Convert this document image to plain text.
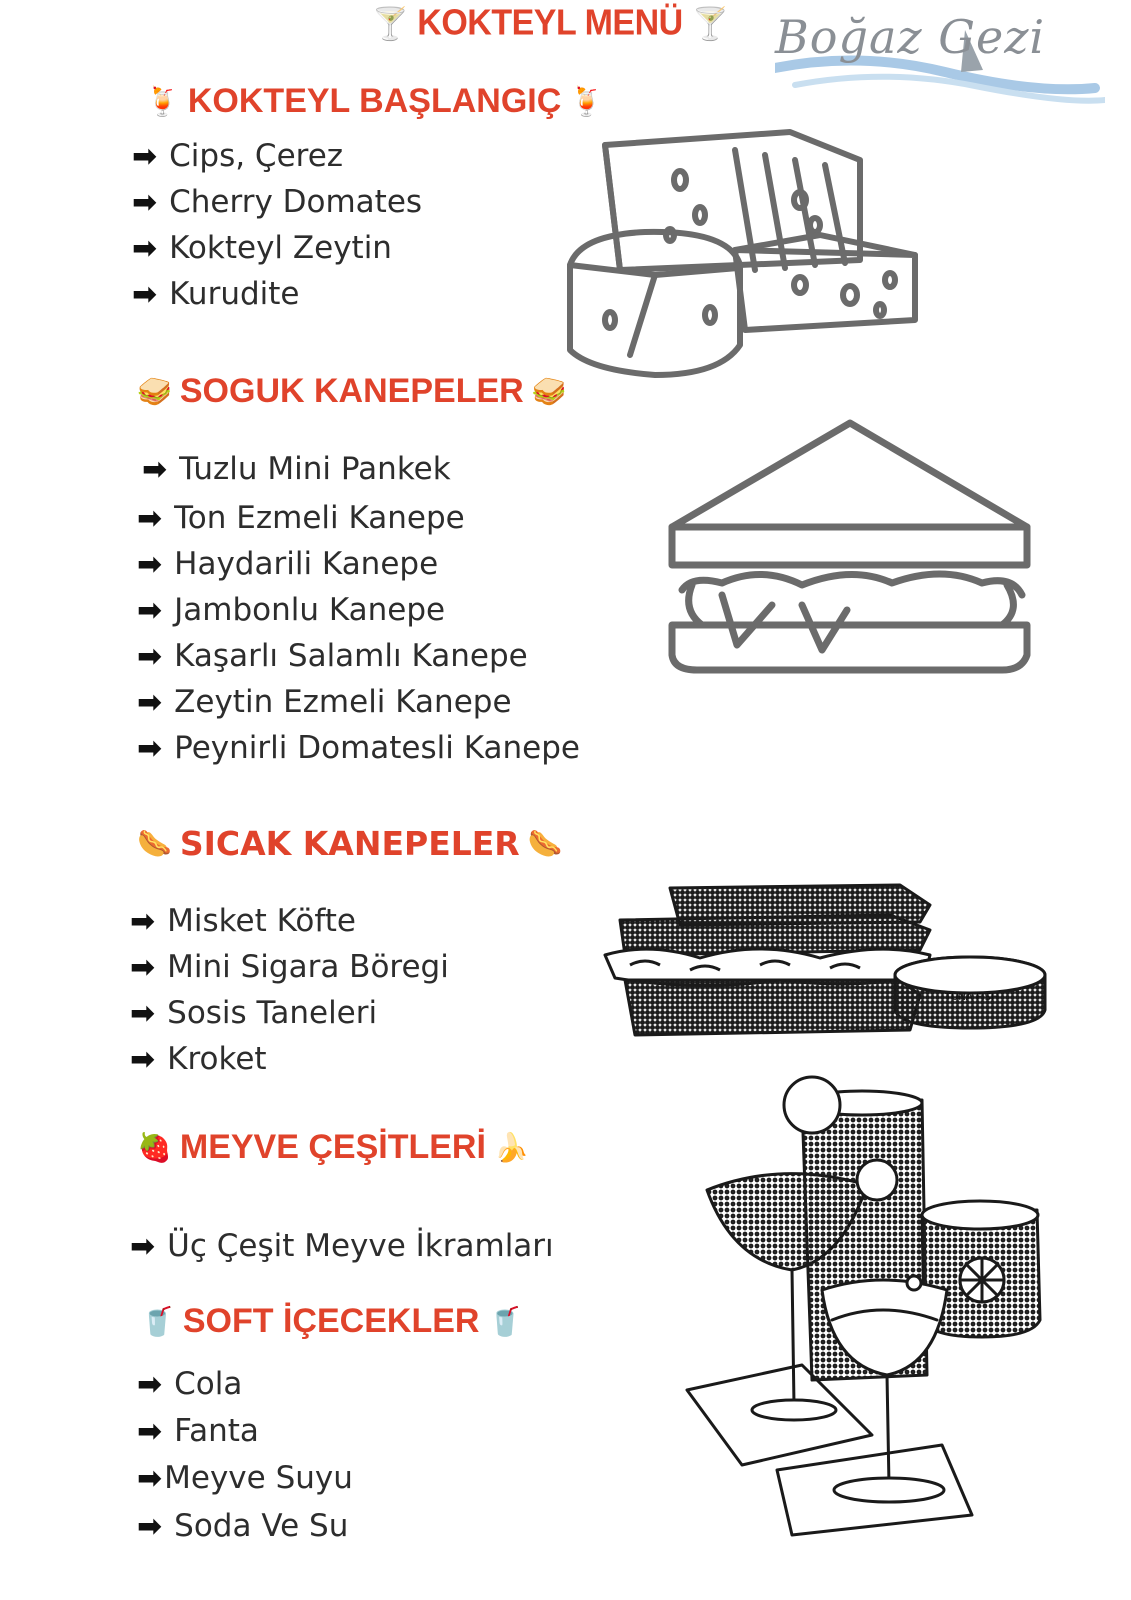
🍸 KOKTEYL MENÜ 🍸	Boğaz Gezi
🍹 KOKTEYL BAŞLANGIÇ 🍹
➡ Cips, Çerez
➡ Cherry Domates
➡ Kokteyl Zeytin
➡ Kurudite
🥪 SOGUK KANEPELER 🥪
➡ Tuzlu Mini Pankek
➡ Ton Ezmeli Kanepe
➡ Haydarili Kanepe
➡ Jambonlu Kanepe
➡ Kaşarlı Salamlı Kanepe
➡ Zeytin Ezmeli Kanepe
➡ Peynirli Domatesli Kanepe
🌭 SICAK KANEPELER 🌭
➡ Misket Köfte
➡ Mini Sigara Böregi
➡ Sosis Taneleri
➡ Kroket
TUNA FISH
🍓 MEYVE ÇEŞİTLERİ 🍌
➡ Üç Çeşit Meyve İkramları
🥤 SOFT İÇECEKLER 🥤
➡ Cola
➡ Fanta
➡ Meyve Suyu
➡ Soda Ve Su
